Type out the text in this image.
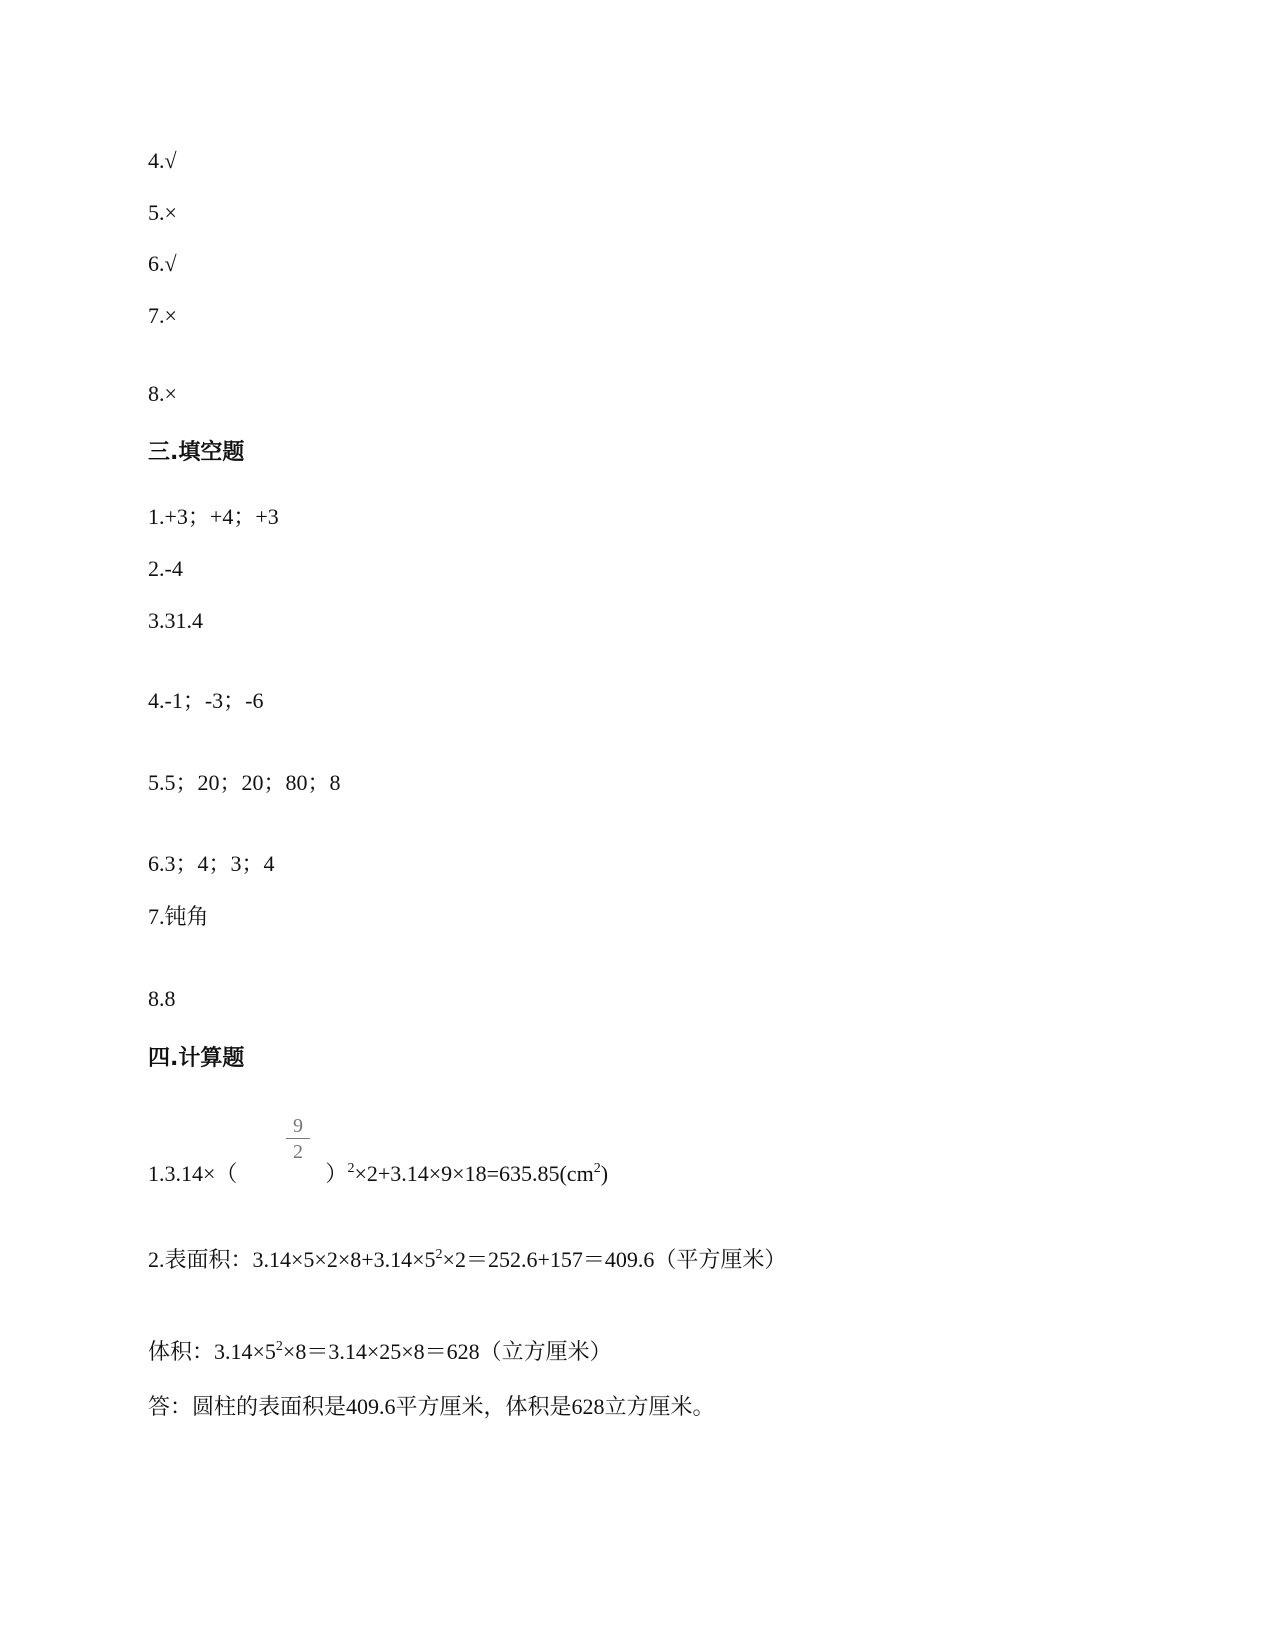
4.√
5.×
6.√
7.×
8.×
三.填空题
1.+3；+4；+3
2.-4
3.31.4
4.-1；-3；-6
5.5；20；20；80；8
6.3；4；3；4
7.钝角
8.8
四.计算题
9
2
1.3.14×（	）$^2\times 2+3.14\times 9\times 18=635.85(cm^2)$
2.表面积：$3.14\times 5\times 2\times 8+3.14\times 5^2\times 2=252.6+157=409.6$（平方厘米）
体积：$3.14\times 5^2\times 8=3.14\times 25\times 8=628$（立方厘米）
答：圆柱的表面积是409.6平方厘米，体积是628立方厘米。
